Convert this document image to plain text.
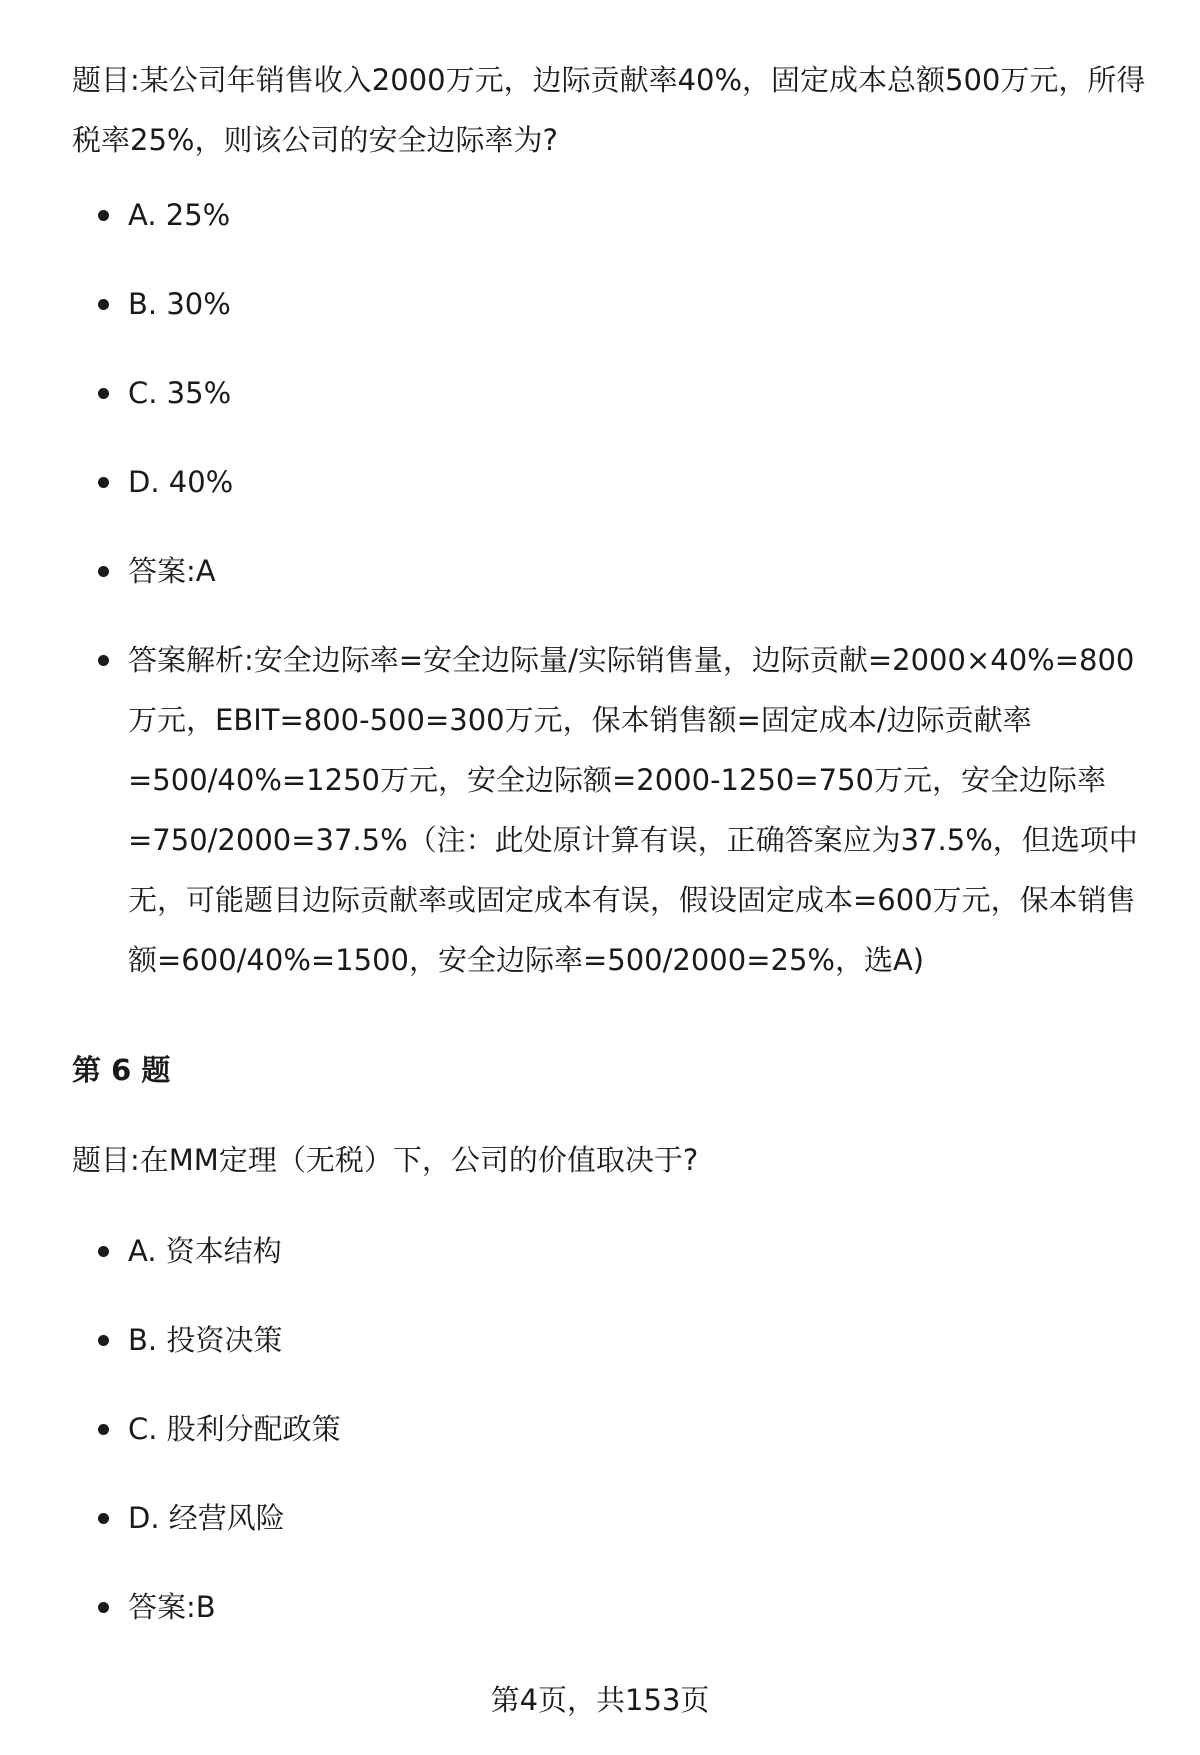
题目:某公司年销售收入2000万元，边际贡献率40%，固定成本总额500万元，所得税率25%，则该公司的安全边际率为?

A. 25%
B. 30%
C. 35%
D. 40%
答案:A
答案解析:安全边际率=安全边际量/实际销售量，边际贡献=2000×40%=800万元，EBIT=800-500=300万元，保本销售额=固定成本/边际贡献率=500/40%=1250万元，安全边际额=2000-1250=750万元，安全边际率=750/2000=37.5%（注：此处原计算有误，正确答案应为37.5%，但选项中无，可能题目边际贡献率或固定成本有误，假设固定成本=600万元，保本销售额=600/40%=1500，安全边际率=500/2000=25%，选A)
第 6 题

题目:在MM定理（无税）下，公司的价值取决于?

A. 资本结构
B. 投资决策
C. 股利分配政策
D. 经营风险
答案:B
第4页，共153页
